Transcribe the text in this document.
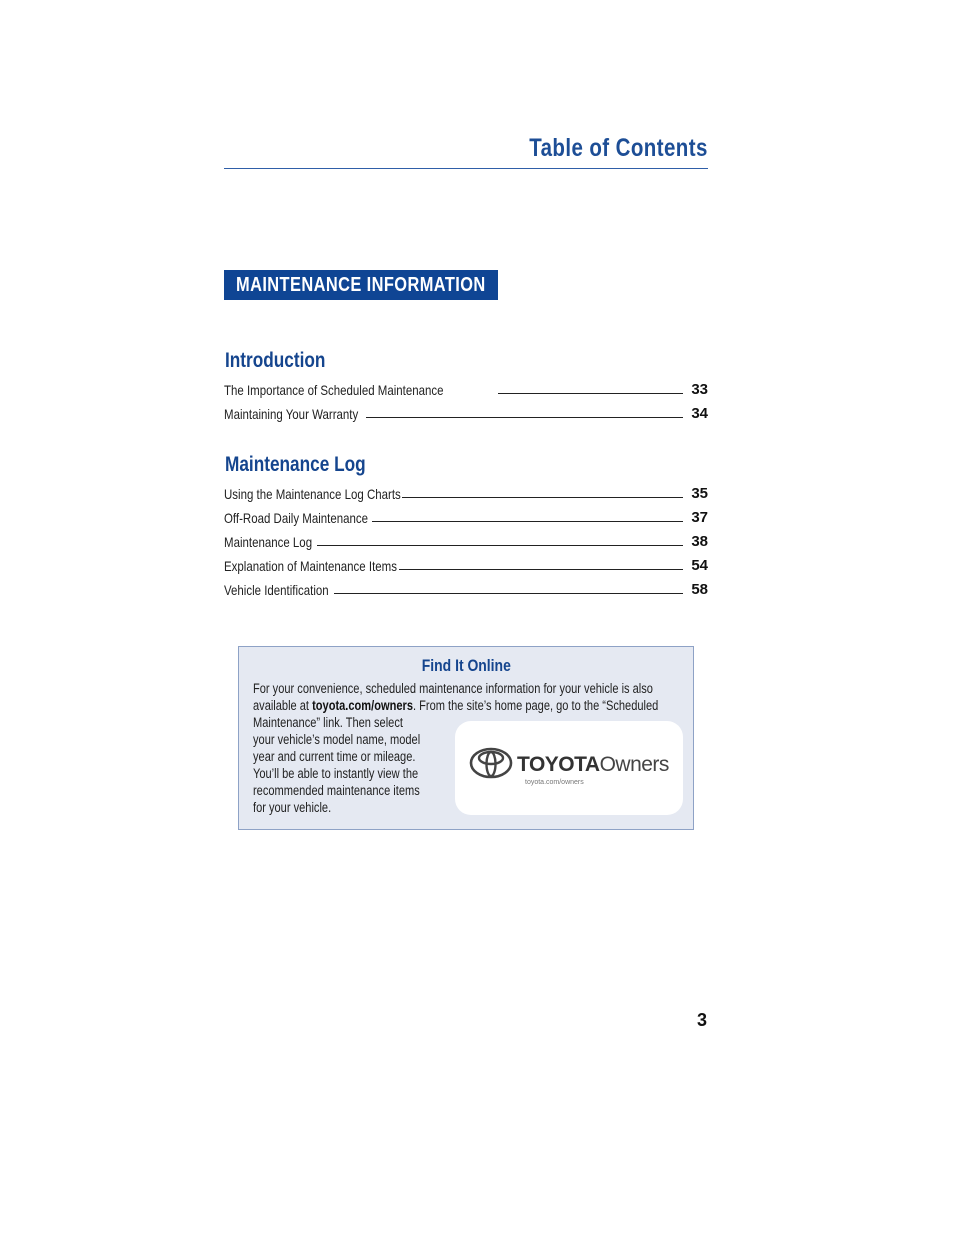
Table of Contents
MAINTENANCE INFORMATION
Introduction
The Importance of Scheduled Maintenance	33
Maintaining Your Warranty	34
Maintenance Log
Using the Maintenance Log Charts	35
Off-Road Daily Maintenance	37
Maintenance Log	38
Explanation of Maintenance Items	54
Vehicle Identification	58
Find It Online
For your convenience, scheduled maintenance information for your vehicle is also
available at toyota.com/owners. From the site’s home page, go to the “Scheduled
Maintenance” link. Then select
your vehicle’s model name, model
year and current time or mileage.
You’ll be able to instantly view the
recommended maintenance items
for your vehicle.
TOYOTAOwners
toyota.com/owners
3
